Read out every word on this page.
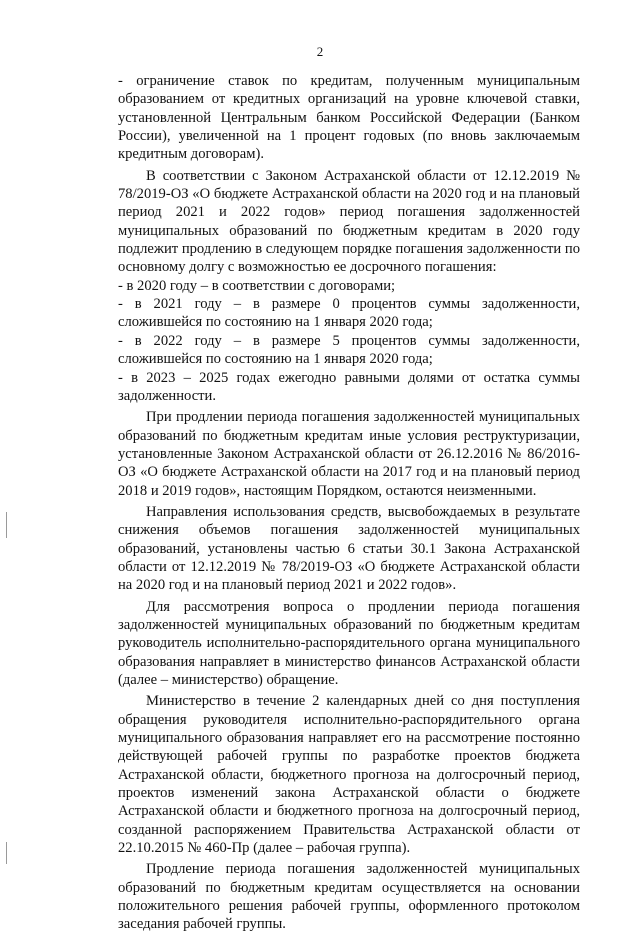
2

- ограничение ставок по кредитам, полученным муниципальным образованием от кредитных организаций на уровне ключевой ставки, установленной Центральным банком Российской Федерации (Банком России), увеличенной на 1 процент годовых (по вновь заключаемым кредитным договорам).

В соответствии с Законом Астраханской области от 12.12.2019 № 78/2019-ОЗ «О бюджете Астраханской области на 2020 год и на плановый период 2021 и 2022 годов» период погашения задолженностей муниципальных образований по бюджетным кредитам в 2020 году подлежит продлению в следующем порядке погашения задолженности по основному долгу с возможностью ее досрочного погашения:

- в 2020 году – в соответствии с договорами;

- в 2021 году – в размере 0 процентов суммы задолженности, сложившейся по состоянию на 1 января 2020 года;

- в 2022 году – в размере 5 процентов суммы задолженности, сложившейся по состоянию на 1 января 2020 года;

- в 2023 – 2025 годах ежегодно равными долями от остатка суммы задолженности.

При продлении периода погашения задолженностей муниципальных образований по бюджетным кредитам иные условия реструктуризации, установленные Законом Астраханской области от 26.12.2016 № 86/2016-ОЗ «О бюджете Астраханской области на 2017 год и на плановый период 2018 и 2019 годов», настоящим Порядком, остаются неизменными.

Направления использования средств, высвобождаемых в результате снижения объемов погашения задолженностей муниципальных образований, установлены частью 6 статьи 30.1 Закона Астраханской области от 12.12.2019 № 78/2019-ОЗ «О бюджете Астраханской области на 2020 год и на плановый период 2021 и 2022 годов».

Для рассмотрения вопроса о продлении периода погашения задолженностей муниципальных образований по бюджетным кредитам руководитель исполнительно-распорядительного органа муниципального образования направляет в министерство финансов Астраханской области (далее – министерство) обращение.

Министерство в течение 2 календарных дней со дня поступления обращения руководителя исполнительно-распорядительного органа муниципального образования направляет его на рассмотрение постоянно действующей рабочей группы по разработке проектов бюджета Астраханской области, бюджетного прогноза на долгосрочный период, проектов изменений закона Астраханской области о бюджете Астраханской области и бюджетного прогноза на долгосрочный период, созданной распоряжением Правительства Астраханской области от 22.10.2015 № 460-Пр (далее – рабочая группа).

Продление периода погашения задолженностей муниципальных образований по бюджетным кредитам осуществляется на основании положительного решения рабочей группы, оформленного протоколом заседания рабочей группы.
